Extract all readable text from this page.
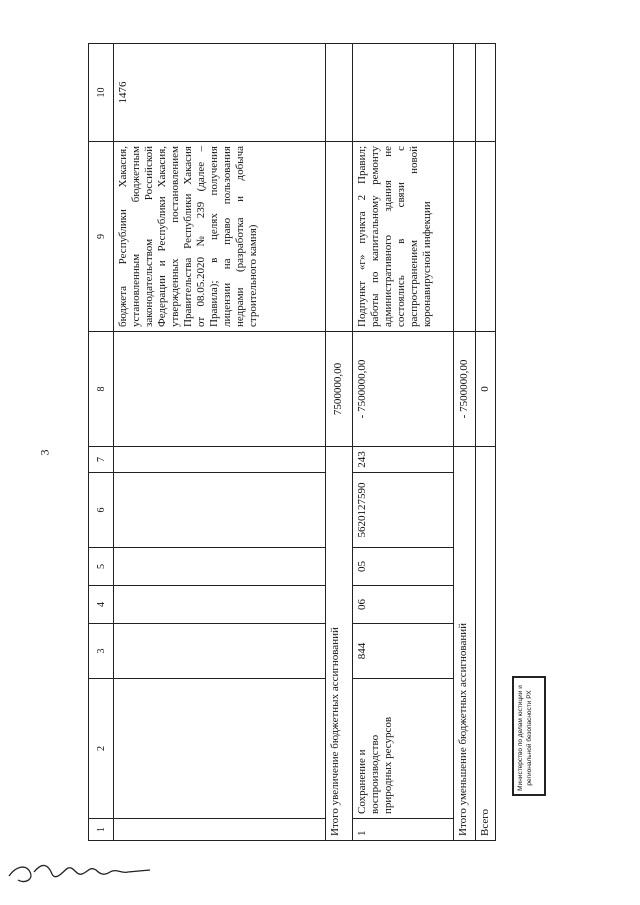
3
1	2	3	4	5	6	7	8	9	10
								бюджета Республики Хакасия, установленным бюджетным законодательством Российской Федерации и Республики Хакасия, утвержденных постановлением Правительства Республики Хакасия от 08.05.2020 № 239 (далее – Правила); в целях получения лицензии на право пользования недрами (разработка и добыча строительного камня)	1476
Итого увеличение бюджетных ассигнований							7500000,00		
1	Сохранение и воспроизводство природных ресурсов	844	06	05	5620127590	243	- 7500000,00	Подпункт «г» пункта 2 Правил; работы по капитальному ремонту административного здания не состоялись в связи с распространением новой коронавирусной инфекции	
Итого уменьшение бюджетных ассигнований							- 7500000,00		
Всего							0		
Министерство по делам юстиции и региональной безопасности РХ
